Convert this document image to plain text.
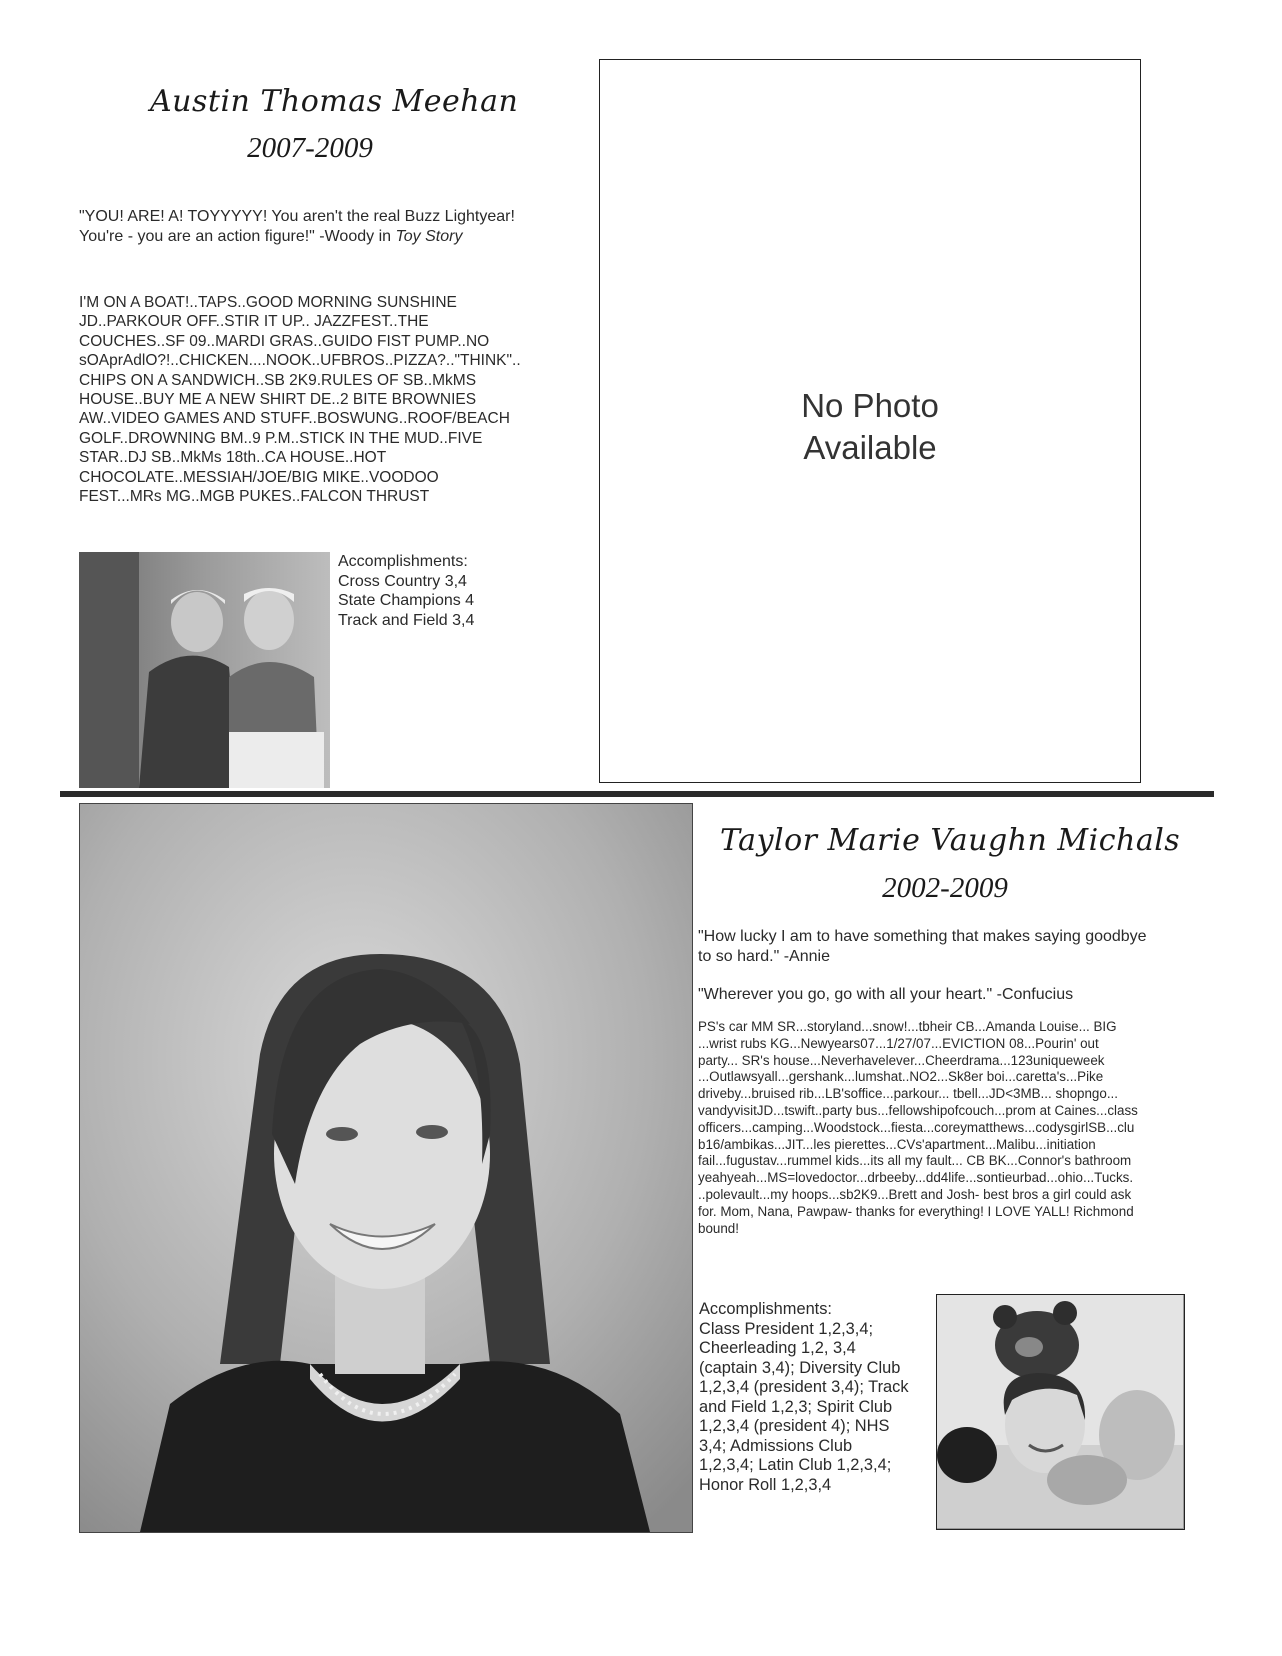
Austin Thomas Meehan
2007-2009
"YOU! ARE! A! TOYYYYY! You aren't the real Buzz Lightyear!
You're - you are an action figure!" -Woody in Toy Story
I'M ON A BOAT!..TAPS..GOOD MORNING SUNSHINE
JD..PARKOUR OFF..STIR IT UP.. JAZZFEST..THE
COUCHES..SF 09..MARDI GRAS..GUIDO FIST PUMP..NO
sOAprAdlO?!..CHICKEN....NOOK..UFBROS..PIZZA?.."THINK"..
CHIPS ON A SANDWICH..SB 2K9.RULES OF SB..MkMS
HOUSE..BUY ME A NEW SHIRT DE..2 BITE BROWNIES
AW..VIDEO GAMES AND STUFF..BOSWUNG..ROOF/BEACH
GOLF..DROWNING BM..9 P.M..STICK IN THE MUD..FIVE
STAR..DJ SB..MkMs 18th..CA HOUSE..HOT
CHOCOLATE..MESSIAH/JOE/BIG MIKE..VOODOO
FEST...MRs MG..MGB PUKES..FALCON THRUST
Accomplishments:
Cross Country 3,4
State Champions 4
Track and Field 3,4
No Photo
Available
Taylor Marie Vaughn Michals
2002-2009
"How lucky I am to have something that makes saying goodbye
to so hard." -Annie
"Wherever you go, go with all your heart." -Confucius
PS's car MM SR...storyland...snow!...tbheir CB...Amanda Louise... BIG
...wrist rubs KG...Newyears07...1/27/07...EVICTION 08...Pourin' out
party... SR's house...Neverhavelever...Cheerdrama...123uniqueweek
...Outlawsyall...gershank...lumshat..NO2...Sk8er boi...caretta's...Pike
driveby...bruised rib...LB'soffice...parkour... tbell...JD<3MB... shopngo...
vandyvisitJD...tswift..party bus...fellowshipofcouch...prom at Caines...class
officers...camping...Woodstock...fiesta...coreymatthews...codysgirlSB...clu
b16/ambikas...JIT...les pierettes...CVs'apartment...Malibu...initiation
fail...fugustav...rummel kids...its all my fault... CB BK...Connor's bathroom
yeahyeah...MS=lovedoctor...drbeeby...dd4life...sontieurbad...ohio...Tucks.
..polevault...my hoops...sb2K9...Brett and Josh- best bros a girl could ask
for. Mom, Nana, Pawpaw- thanks for everything! I LOVE YALL! Richmond
bound!
Accomplishments:
Class President 1,2,3,4;
Cheerleading 1,2, 3,4
(captain 3,4); Diversity Club
1,2,3,4 (president 3,4); Track
and Field 1,2,3; Spirit Club
1,2,3,4 (president 4); NHS
3,4; Admissions Club
1,2,3,4; Latin Club 1,2,3,4;
Honor Roll 1,2,3,4
